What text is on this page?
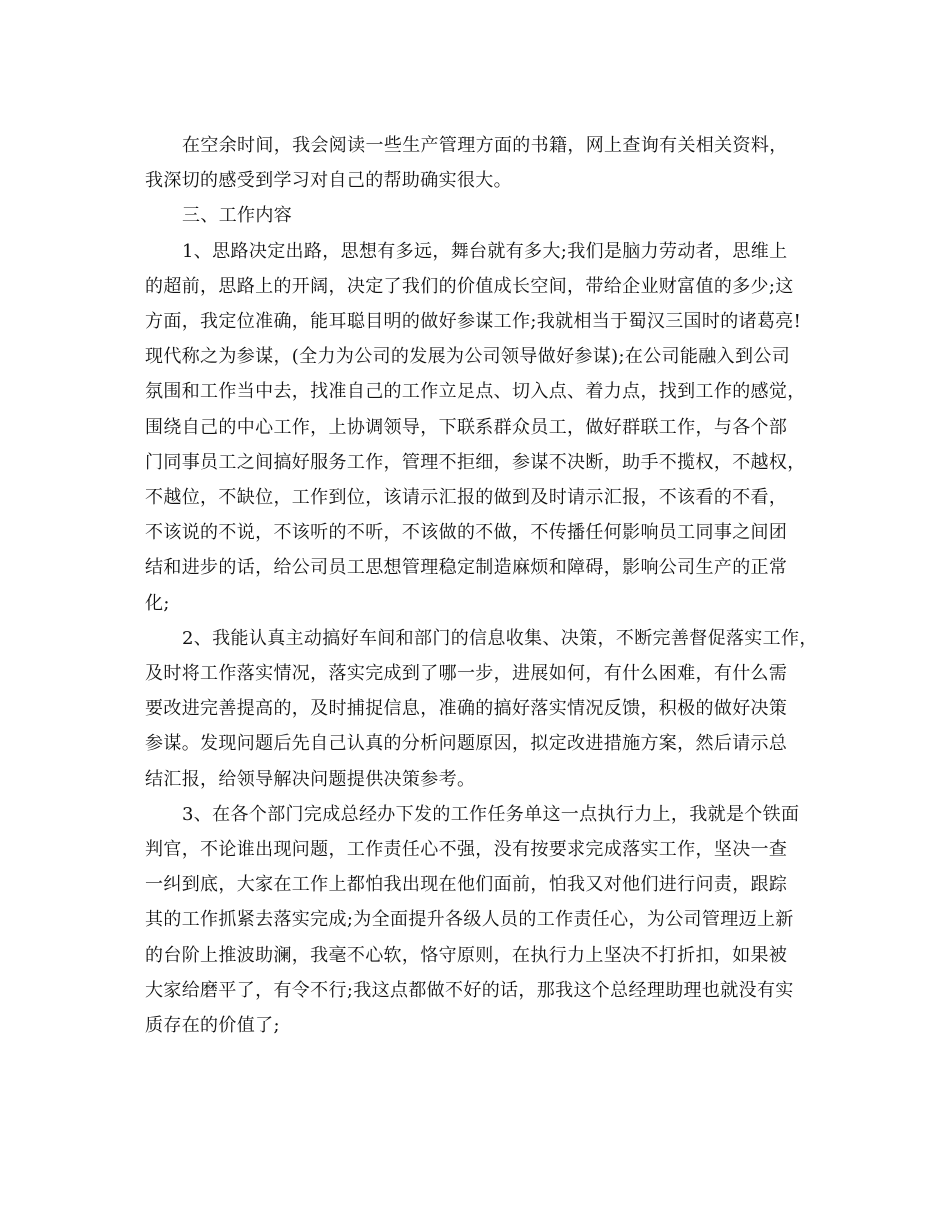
在空余时间，我会阅读一些生产管理方面的书籍，网上查询有关相关资料，
我深切的感受到学习对自己的帮助确实很大。
三、工作内容
1、思路决定出路，思想有多远，舞台就有多大;我们是脑力劳动者，思维上
的超前，思路上的开阔，决定了我们的价值成长空间，带给企业财富值的多少;这
方面，我定位准确，能耳聪目明的做好参谋工作;我就相当于蜀汉三国时的诸葛亮!
现代称之为参谋，(全力为公司的发展为公司领导做好参谋);在公司能融入到公司
氛围和工作当中去，找准自己的工作立足点、切入点、着力点，找到工作的感觉，
围绕自己的中心工作，上协调领导，下联系群众员工，做好群联工作，与各个部
门同事员工之间搞好服务工作，管理不拒细，参谋不决断，助手不揽权，不越权，
不越位，不缺位，工作到位，该请示汇报的做到及时请示汇报，不该看的不看，
不该说的不说，不该听的不听，不该做的不做，不传播任何影响员工同事之间团
结和进步的话，给公司员工思想管理稳定制造麻烦和障碍，影响公司生产的正常
化;
2、我能认真主动搞好车间和部门的信息收集、决策，不断完善督促落实工作，
及时将工作落实情况，落实完成到了哪一步，进展如何，有什么困难，有什么需
要改进完善提高的，及时捕捉信息，准确的搞好落实情况反馈，积极的做好决策
参谋。发现问题后先自己认真的分析问题原因，拟定改进措施方案，然后请示总
结汇报，给领导解决问题提供决策参考。
3、在各个部门完成总经办下发的工作任务单这一点执行力上，我就是个铁面
判官，不论谁出现问题，工作责任心不强，没有按要求完成落实工作，坚决一查
一纠到底，大家在工作上都怕我出现在他们面前，怕我又对他们进行问责，跟踪
其的工作抓紧去落实完成;为全面提升各级人员的工作责任心，为公司管理迈上新
的台阶上推波助澜，我毫不心软，恪守原则，在执行力上坚决不打折扣，如果被
大家给磨平了，有令不行;我这点都做不好的话，那我这个总经理助理也就没有实
质存在的价值了;
